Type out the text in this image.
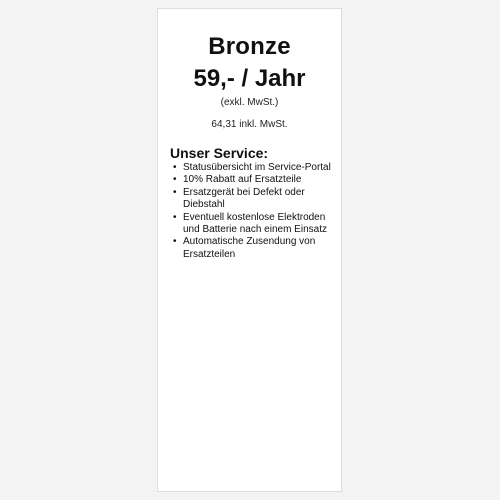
Bronze
59,- / Jahr
(exkl. MwSt.)
64,31 inkl. MwSt.
Unser Service:
• Statusübersicht im Service-Portal
• 10% Rabatt auf Ersatzteile
• Ersatzgerät bei Defekt oder Diebstahl
• Eventuell kostenlose Elektroden und Batterie nach einem Einsatz
• Automatische Zusendung von Ersatzteilen
